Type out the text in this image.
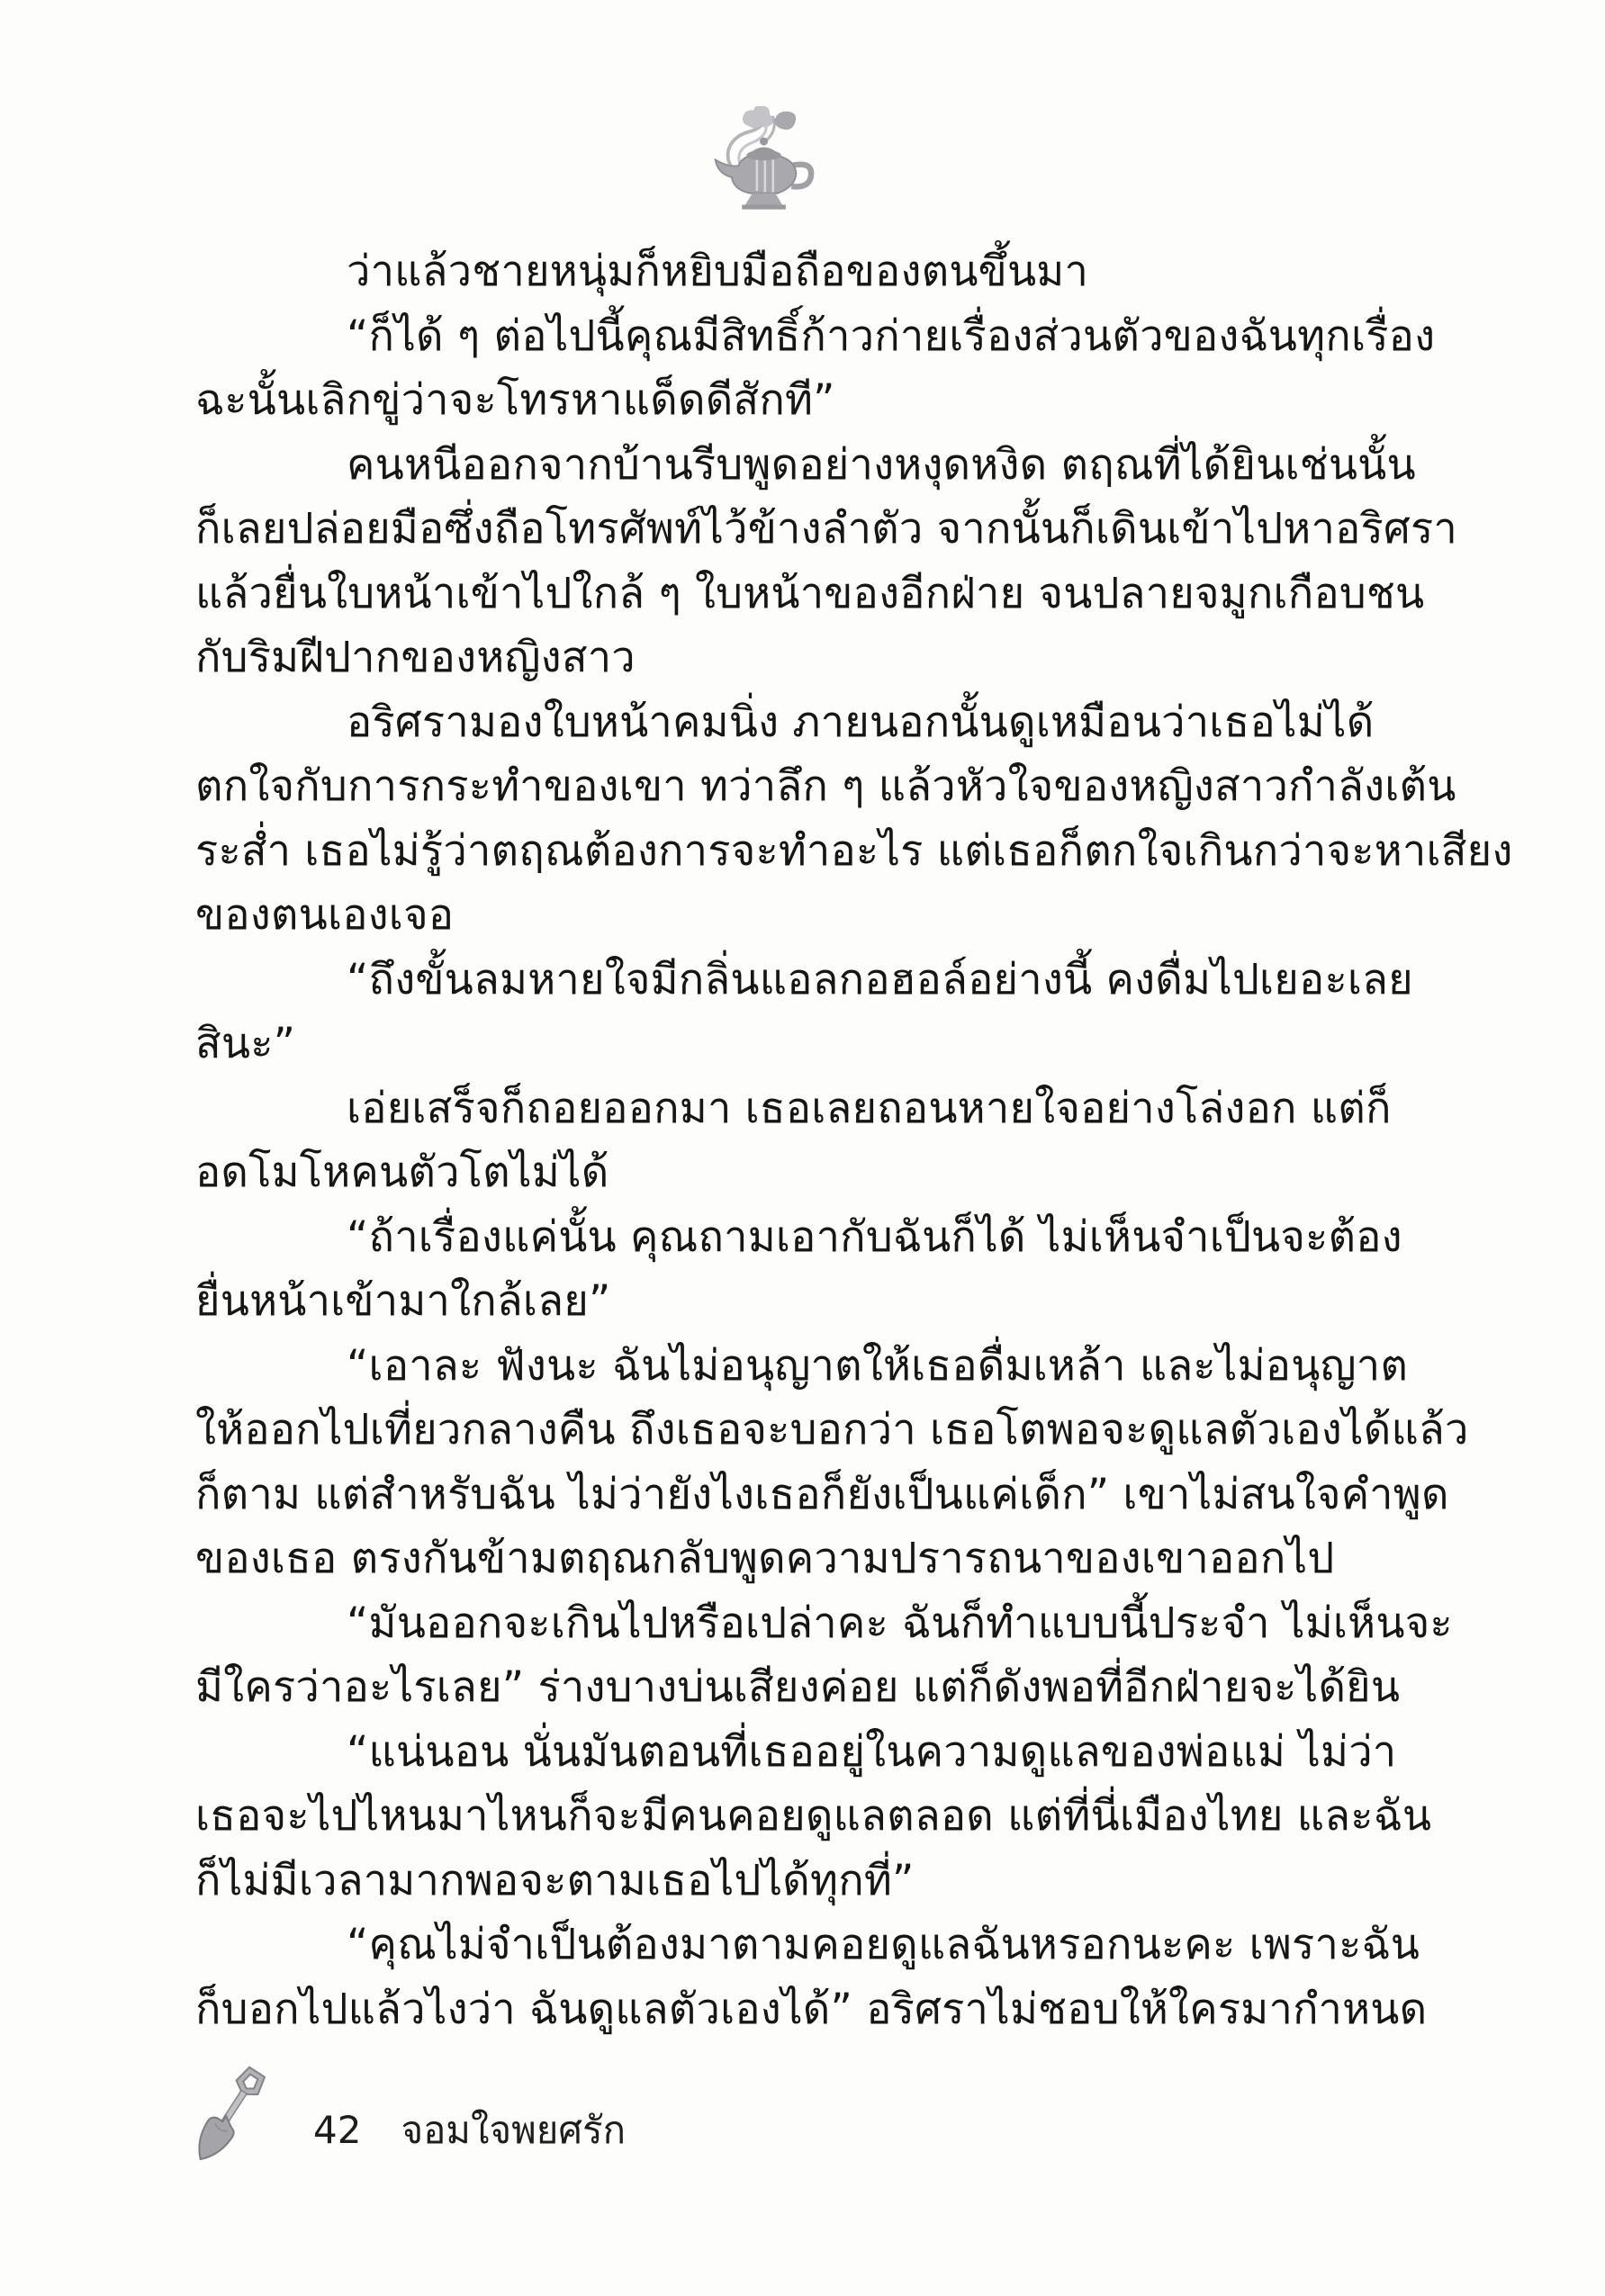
ว่าแล้วชายหนุ่มก็หยิบมือถือของตนขึ้นมา
“ก็ได้ ๆ ต่อไปนี้คุณมีสิทธิ์ก้าวก่ายเรื่องส่วนตัวของฉันทุกเรื่อง
ฉะนั้นเลิกขู่ว่าจะโทรหาแด็ดดีสักที”
คนหนีออกจากบ้านรีบพูดอย่างหงุดหงิด ตฤณที่ได้ยินเช่นนั้น
ก็เลยปล่อยมือซึ่งถือโทรศัพท์ไว้ข้างลำตัว จากนั้นก็เดินเข้าไปหาอริศรา
แล้วยื่นใบหน้าเข้าไปใกล้ ๆ ใบหน้าของอีกฝ่าย จนปลายจมูกเกือบชน
กับริมฝีปากของหญิงสาว
อริศรามองใบหน้าคมนิ่ง ภายนอกนั้นดูเหมือนว่าเธอไม่ได้
ตกใจกับการกระทำของเขา ทว่าลึก ๆ แล้วหัวใจของหญิงสาวกำลังเต้น
ระส่ำ เธอไม่รู้ว่าตฤณต้องการจะทำอะไร แต่เธอก็ตกใจเกินกว่าจะหาเสียง
ของตนเองเจอ
“ถึงขั้นลมหายใจมีกลิ่นแอลกอฮอล์อย่างนี้ คงดื่มไปเยอะเลย
สินะ”
เอ่ยเสร็จก็ถอยออกมา เธอเลยถอนหายใจอย่างโล่งอก แต่ก็
อดโมโหคนตัวโตไม่ได้
“ถ้าเรื่องแค่นั้น คุณถามเอากับฉันก็ได้ ไม่เห็นจำเป็นจะต้อง
ยื่นหน้าเข้ามาใกล้เลย”
“เอาละ ฟังนะ ฉันไม่อนุญาตให้เธอดื่มเหล้า และไม่อนุญาต
ให้ออกไปเที่ยวกลางคืน ถึงเธอจะบอกว่า เธอโตพอจะดูแลตัวเองได้แล้ว
ก็ตาม แต่สำหรับฉัน ไม่ว่ายังไงเธอก็ยังเป็นแค่เด็ก” เขาไม่สนใจคำพูด
ของเธอ ตรงกันข้ามตฤณกลับพูดความปรารถนาของเขาออกไป
“มันออกจะเกินไปหรือเปล่าคะ ฉันก็ทำแบบนี้ประจำ ไม่เห็นจะ
มีใครว่าอะไรเลย” ร่างบางบ่นเสียงค่อย แต่ก็ดังพอที่อีกฝ่ายจะได้ยิน
“แน่นอน นั่นมันตอนที่เธออยู่ในความดูแลของพ่อแม่ ไม่ว่า
เธอจะไปไหนมาไหนก็จะมีคนคอยดูแลตลอด แต่ที่นี่เมืองไทย และฉัน
ก็ไม่มีเวลามากพอจะตามเธอไปได้ทุกที่”
“คุณไม่จำเป็นต้องมาตามคอยดูแลฉันหรอกนะคะ เพราะฉัน
ก็บอกไปแล้วไงว่า ฉันดูแลตัวเองได้” อริศราไม่ชอบให้ใครมากำหนด
42 จอมใจพยศรัก
